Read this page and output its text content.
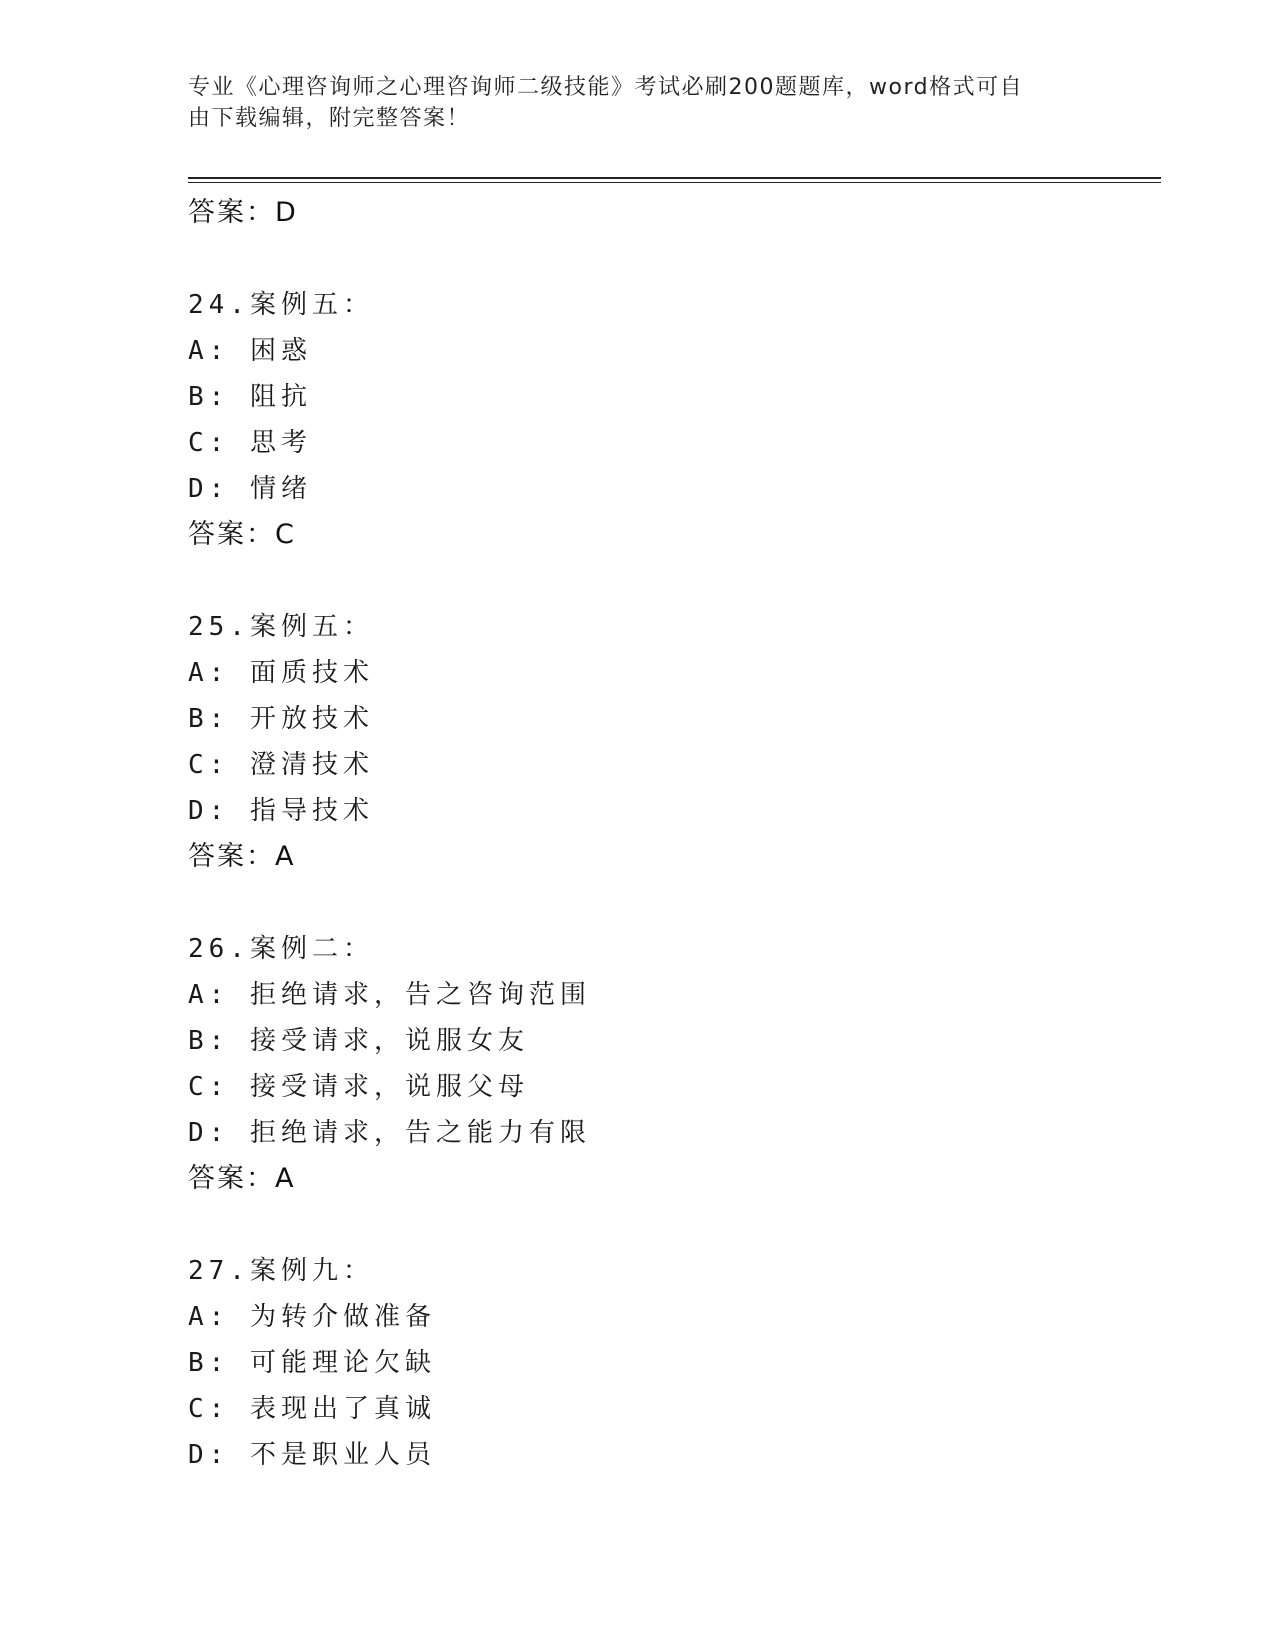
专业《心理咨询师之心理咨询师二级技能》考试必刷200题题库，word格式可自
由下载编辑，附完整答案！
答案：D
24.案例五：
A: 困惑
B: 阻抗
C: 思考
D: 情绪
答案：C
25.案例五：
A: 面质技术
B: 开放技术
C: 澄清技术
D: 指导技术
答案：A
26.案例二：
A: 拒绝请求，告之咨询范围
B: 接受请求，说服女友
C: 接受请求，说服父母
D: 拒绝请求，告之能力有限
答案：A
27.案例九：
A: 为转介做准备
B: 可能理论欠缺
C: 表现出了真诚
D: 不是职业人员
